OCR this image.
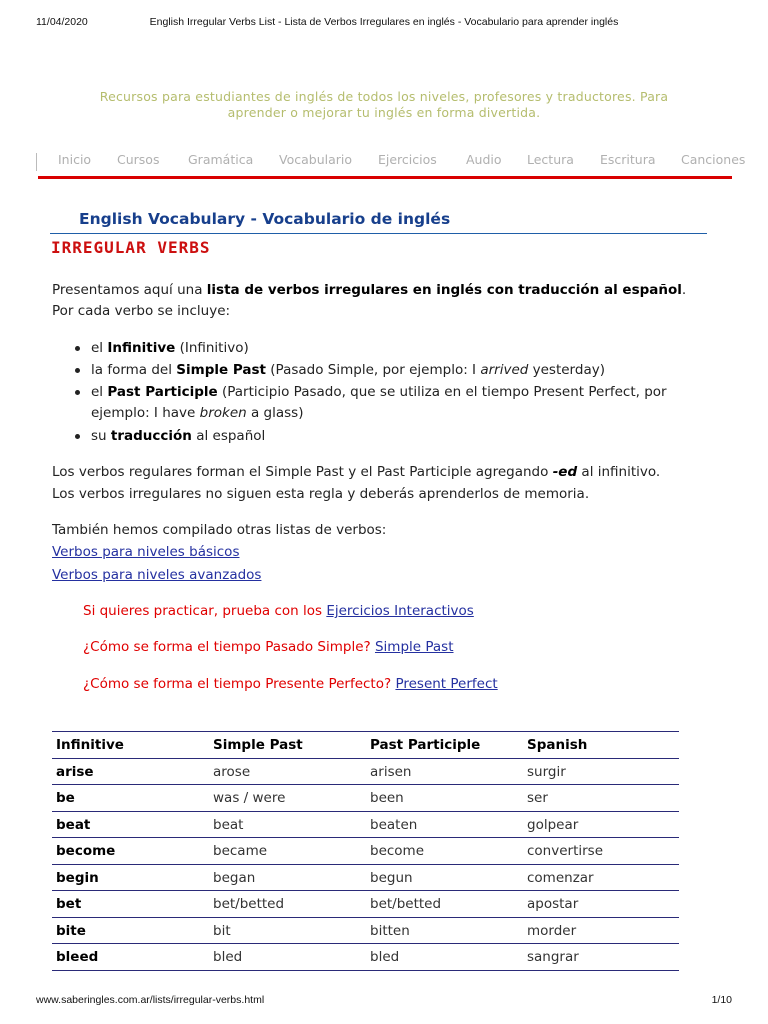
11/04/2020	English Irregular Verbs List - Lista de Verbos Irregulares en inglés - Vocabulario para aprender inglés
Recursos para estudiantes de inglés de todos los niveles, profesores y traductores. Para
aprender o mejorar tu inglés en forma divertida.
Inicio Cursos Gramática Vocabulario Ejercicios Audio Lectura Escritura Canciones
English Vocabulary - Vocabulario de inglés
IRREGULAR VERBS
Presentamos aquí una lista de verbos irregulares en inglés con traducción al español.
Por cada verbo se incluye:
el Infinitive (Infinitivo)
la forma del Simple Past (Pasado Simple, por ejemplo: I arrived yesterday)
el Past Participle (Participio Pasado, que se utiliza en el tiempo Present Perfect, por
ejemplo: I have broken a glass)
su traducción al español
Los verbos regulares forman el Simple Past y el Past Participle agregando -ed al infinitivo.
Los verbos irregulares no siguen esta regla y deberás aprenderlos de memoria.
También hemos compilado otras listas de verbos:
Verbos para niveles básicos
Verbos para niveles avanzados
Si quieres practicar, prueba con los Ejercicios Interactivos
¿Cómo se forma el tiempo Pasado Simple? Simple Past
¿Cómo se forma el tiempo Presente Perfecto? Present Perfect
Infinitive	Simple Past	Past Participle	Spanish
arise	arose	arisen	surgir
be	was / were	been	ser
beat	beat	beaten	golpear
become	became	become	convertirse
begin	began	begun	comenzar
bet	bet/betted	bet/betted	apostar
bite	bit	bitten	morder
bleed	bled	bled	sangrar
www.saberingles.com.ar/lists/irregular-verbs.html	1/10
